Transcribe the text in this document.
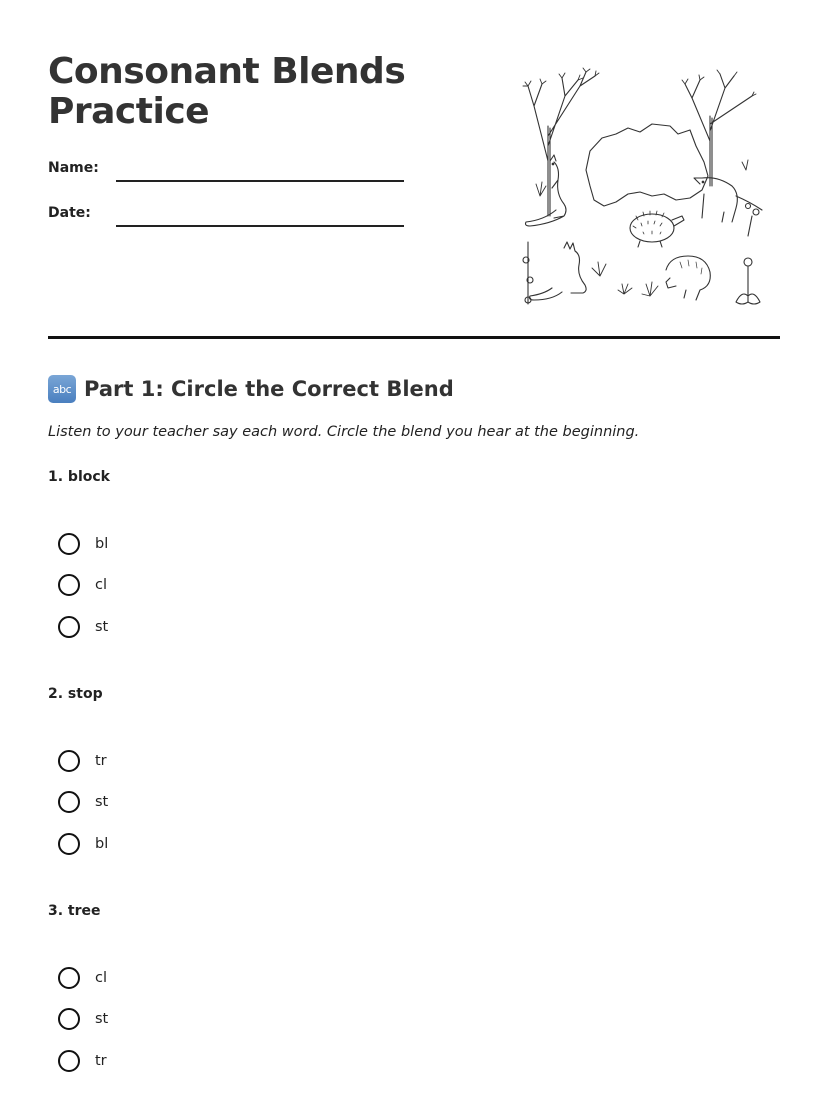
Consonant Blends Practice
Name:
Date:
abc Part 1: Circle the Correct Blend

Listen to your teacher say each word. Circle the blend you hear at the beginning.

1. block
bl
cl
st
2. stop
tr
st
bl
3. tree
cl
st
tr
